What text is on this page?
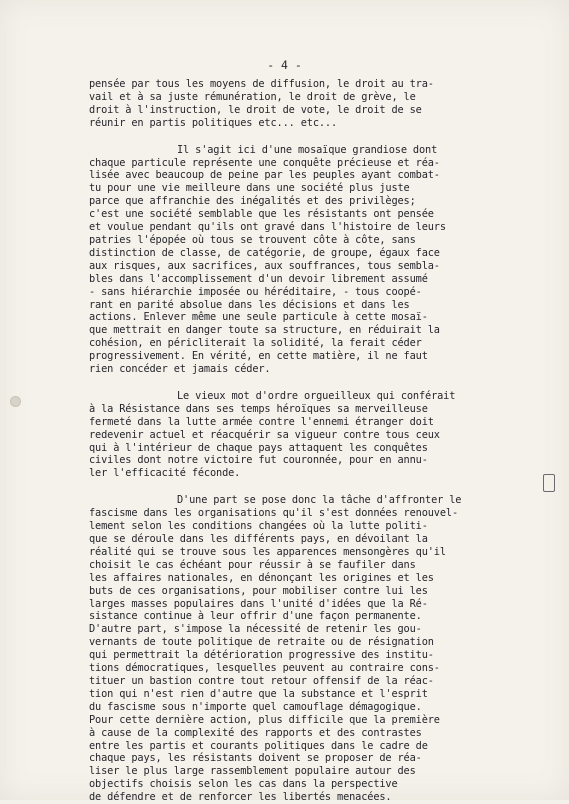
- 4 -

pensée par tous les moyens de diffusion, le droit au tra-
vail et à sa juste rémunération, le droit de grève, le
droit à l'instruction, le droit de vote, le droit de se
réunir en partis politiques etc... etc...

Il s'agit ici d'une mosaïque grandiose dont
chaque particule représente une conquête précieuse et réa-
lisée avec beaucoup de peine par les peuples ayant combat-
tu pour une vie meilleure dans une société plus juste
parce que affranchie des inégalités et des privilèges;
c'est une société semblable que les résistants ont pensée
et voulue pendant qu'ils ont gravé dans l'histoire de leurs
patries l'épopée où tous se trouvent côte à côte, sans
distinction de classe, de catégorie, de groupe, égaux face
aux risques, aux sacrifices, aux souffrances, tous sembla-
bles dans l'accomplissement d'un devoir librement assumé
- sans hiérarchie imposée ou héréditaire, - tous coopé-
rant en parité absolue dans les décisions et dans les
actions. Enlever même une seule particule à cette mosaï-
que mettrait en danger toute sa structure, en réduirait la
cohésion, en péricliterait la solidité, la ferait céder
progressivement. En vérité, en cette matière, il ne faut
rien concéder et jamais céder.

Le vieux mot d'ordre orgueilleux qui conférait
à la Résistance dans ses temps héroïques sa merveilleuse
fermeté dans la lutte armée contre l'ennemi étranger doit
redevenir actuel et réacquérir sa vigueur contre tous ceux
qui à l'intérieur de chaque pays attaquent les conquêtes
civiles dont notre victoire fut couronnée, pour en annu-
ler l'efficacité féconde.

D'une part se pose donc la tâche d'affronter le
fascisme dans les organisations qu'il s'est données renouvel-
lement selon les conditions changées où la lutte politi-
que se déroule dans les différents pays, en dévoilant la
réalité qui se trouve sous les apparences mensongères qu'il
choisit le cas échéant pour réussir à se faufiler dans
les affaires nationales, en dénonçant les origines et les
buts de ces organisations, pour mobiliser contre lui les
larges masses populaires dans l'unité d'idées que la Ré-
sistance continue à leur offrir d'une façon permanente.
D'autre part, s'impose la nécessité de retenir les gou-
vernants de toute politique de retraite ou de résignation
qui permettrait la détérioration progressive des institu-
tions démocratiques, lesquelles peuvent au contraire cons-
tituer un bastion contre tout retour offensif de la réac-
tion qui n'est rien d'autre que la substance et l'esprit
du fascisme sous n'importe quel camouflage démagogique.
Pour cette dernière action, plus difficile que la première
à cause de la complexité des rapports et des contrastes
entre les partis et courants politiques dans le cadre de
chaque pays, les résistants doivent se proposer de réa-
liser le plus large rassemblement populaire autour des
objectifs choisis selon les cas dans la perspective
de défendre et de renforcer les libertés menacées.
